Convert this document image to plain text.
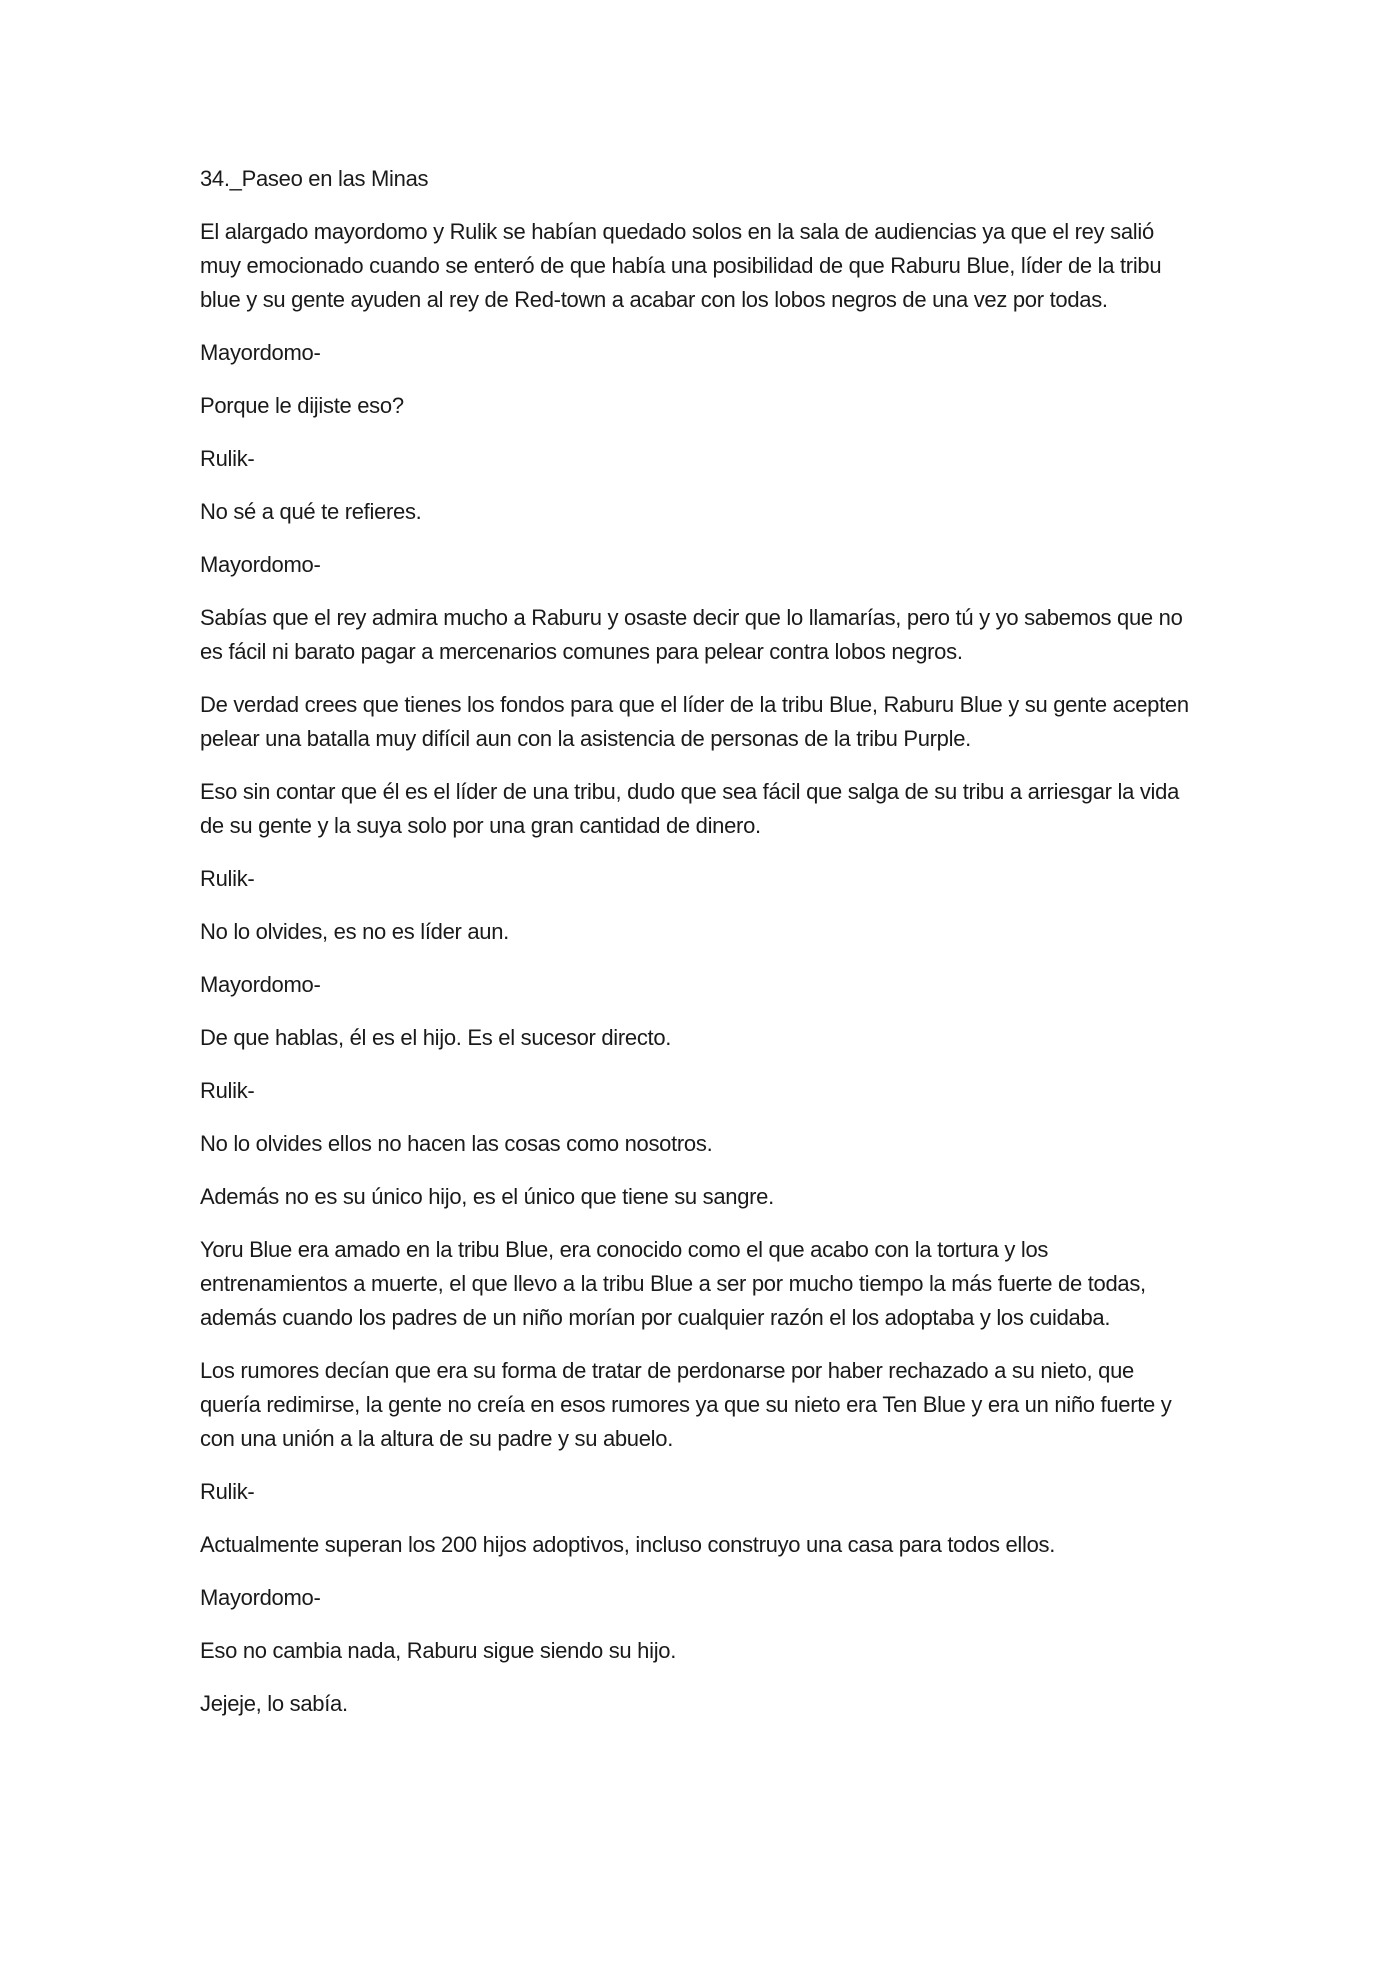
34._Paseo en las Minas

El alargado mayordomo y Rulik se habían quedado solos en la sala de audiencias ya que el rey salió muy emocionado cuando se enteró de que había una posibilidad de que Raburu Blue, líder de la tribu blue y su gente ayuden al rey de Red-town a acabar con los lobos negros de una vez por todas.

Mayordomo-

Porque le dijiste eso?

Rulik-

No sé a qué te refieres.

Mayordomo-

Sabías que el rey admira mucho a Raburu y osaste decir que lo llamarías, pero tú y yo sabemos que no es fácil ni barato pagar a mercenarios comunes para pelear contra lobos negros.

De verdad crees que tienes los fondos para que el líder de la tribu Blue, Raburu Blue y su gente acepten pelear una batalla muy difícil aun con la asistencia de personas de la tribu Purple.

Eso sin contar que él es el líder de una tribu, dudo que sea fácil que salga de su tribu a arriesgar la vida de su gente y la suya solo por una gran cantidad de dinero.

Rulik-

No lo olvides, es no es líder aun.

Mayordomo-

De que hablas, él es el hijo. Es el sucesor directo.

Rulik-

No lo olvides ellos no hacen las cosas como nosotros.

Además no es su único hijo, es el único que tiene su sangre.

Yoru Blue era amado en la tribu Blue, era conocido como el que acabo con la tortura y los entrenamientos a muerte, el que llevo a la tribu Blue a ser por mucho tiempo la más fuerte de todas, además cuando los padres de un niño morían por cualquier razón el los adoptaba y los cuidaba.

Los rumores decían que era su forma de tratar de perdonarse por haber rechazado a su nieto, que quería redimirse, la gente no creía en esos rumores ya que su nieto era Ten Blue y era un niño fuerte y con una unión a la altura de su padre y su abuelo.

Rulik-

Actualmente superan los 200 hijos adoptivos, incluso construyo una casa para todos ellos.

Mayordomo-

Eso no cambia nada, Raburu sigue siendo su hijo.

Jejeje, lo sabía.
